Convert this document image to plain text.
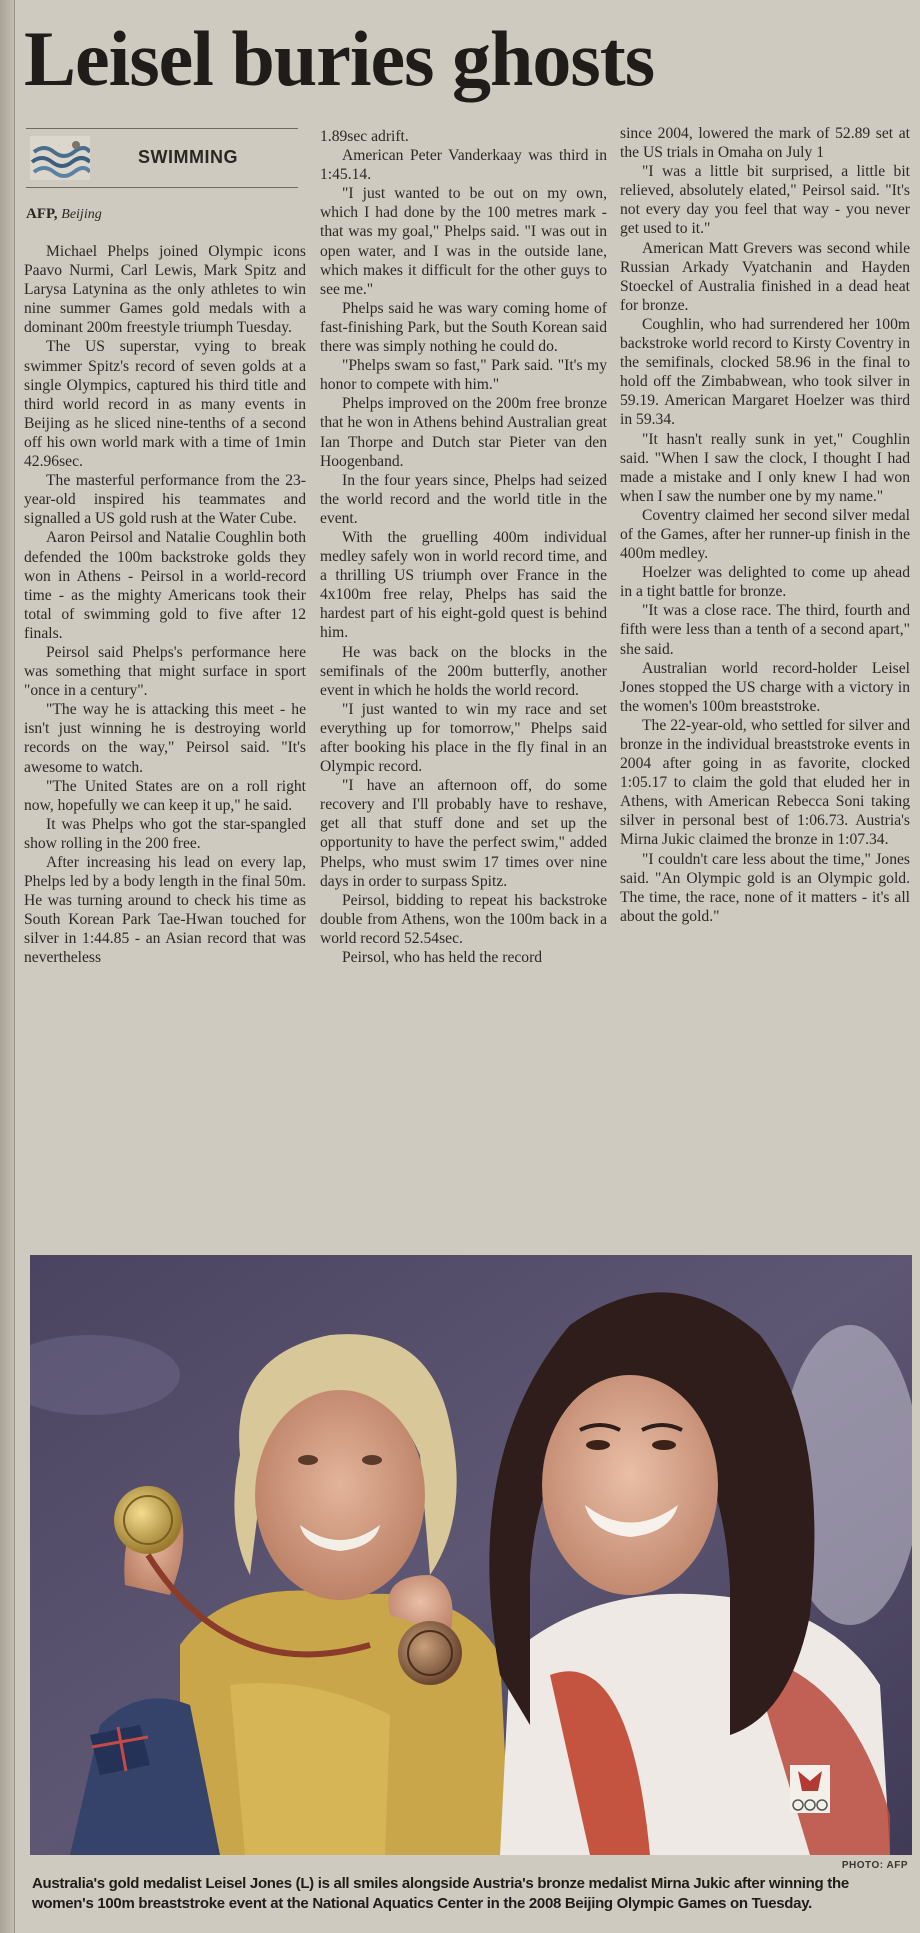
Leisel buries ghosts
SWIMMING
AFP, Beijing

Michael Phelps joined Olympic icons Paavo Nurmi, Carl Lewis, Mark Spitz and Larysa Latynina as the only athletes to win nine summer Games gold medals with a dominant 200m freestyle triumph Tuesday.

The US superstar, vying to break swimmer Spitz's record of seven golds at a single Olympics, captured his third title and third world record in as many events in Beijing as he sliced nine-tenths of a second off his own world mark with a time of 1min 42.96sec.

The masterful performance from the 23-year-old inspired his teammates and signalled a US gold rush at the Water Cube.

Aaron Peirsol and Natalie Coughlin both defended the 100m backstroke golds they won in Athens - Peirsol in a world-record time - as the mighty Americans took their total of swimming gold to five after 12 finals.

Peirsol said Phelps's performance here was something that might surface in sport "once in a century".

"The way he is attacking this meet - he isn't just winning he is destroying world records on the way," Peirsol said. "It's awesome to watch.

"The United States are on a roll right now, hopefully we can keep it up," he said.

It was Phelps who got the star-spangled show rolling in the 200 free.

After increasing his lead on every lap, Phelps led by a body length in the final 50m. He was turning around to check his time as South Korean Park Tae-Hwan touched for silver in 1:44.85 - an Asian record that was nevertheless

1.89sec adrift.

American Peter Vanderkaay was third in 1:45.14.

"I just wanted to be out on my own, which I had done by the 100 metres mark - that was my goal," Phelps said. "I was out in open water, and I was in the outside lane, which makes it difficult for the other guys to see me."

Phelps said he was wary coming home of fast-finishing Park, but the South Korean said there was simply nothing he could do.

"Phelps swam so fast," Park said. "It's my honor to compete with him."

Phelps improved on the 200m free bronze that he won in Athens behind Australian great Ian Thorpe and Dutch star Pieter van den Hoogenband.

In the four years since, Phelps had seized the world record and the world title in the event.

With the gruelling 400m individual medley safely won in world record time, and a thrilling US triumph over France in the 4x100m free relay, Phelps has said the hardest part of his eight-gold quest is behind him.

He was back on the blocks in the semifinals of the 200m butterfly, another event in which he holds the world record.

"I just wanted to win my race and set everything up for tomorrow," Phelps said after booking his place in the fly final in an Olympic record.

"I have an afternoon off, do some recovery and I'll probably have to reshave, get all that stuff done and set up the opportunity to have the perfect swim," added Phelps, who must swim 17 times over nine days in order to surpass Spitz.

Peirsol, bidding to repeat his backstroke double from Athens, won the 100m back in a world record 52.54sec.

Peirsol, who has held the record

since 2004, lowered the mark of 52.89 set at the US trials in Omaha on July 1

"I was a little bit surprised, a little bit relieved, absolutely elated," Peirsol said. "It's not every day you feel that way - you never get used to it."

American Matt Grevers was second while Russian Arkady Vyatchanin and Hayden Stoeckel of Australia finished in a dead heat for bronze.

Coughlin, who had surrendered her 100m backstroke world record to Kirsty Coventry in the semifinals, clocked 58.96 in the final to hold off the Zimbabwean, who took silver in 59.19. American Margaret Hoelzer was third in 59.34.

"It hasn't really sunk in yet," Coughlin said. "When I saw the clock, I thought I had made a mistake and I only knew I had won when I saw the number one by my name."

Coventry claimed her second silver medal of the Games, after her runner-up finish in the 400m medley.

Hoelzer was delighted to come up ahead in a tight battle for bronze.

"It was a close race. The third, fourth and fifth were less than a tenth of a second apart," she said.

Australian world record-holder Leisel Jones stopped the US charge with a victory in the women's 100m breaststroke.

The 22-year-old, who settled for silver and bronze in the individual breaststroke events in 2004 after going in as favorite, clocked 1:05.17 to claim the gold that eluded her in Athens, with American Rebecca Soni taking silver in personal best of 1:06.73. Austria's Mirna Jukic claimed the bronze in 1:07.34.

"I couldn't care less about the time," Jones said. "An Olympic gold is an Olympic gold. The time, the race, none of it matters - it's all about the gold."

PHOTO: AFP
Australia's gold medalist Leisel Jones (L) is all smiles alongside Austria's bronze medalist Mirna Jukic after winning the
women's 100m breaststroke event at the National Aquatics Center in the 2008 Beijing Olympic Games on Tuesday.
